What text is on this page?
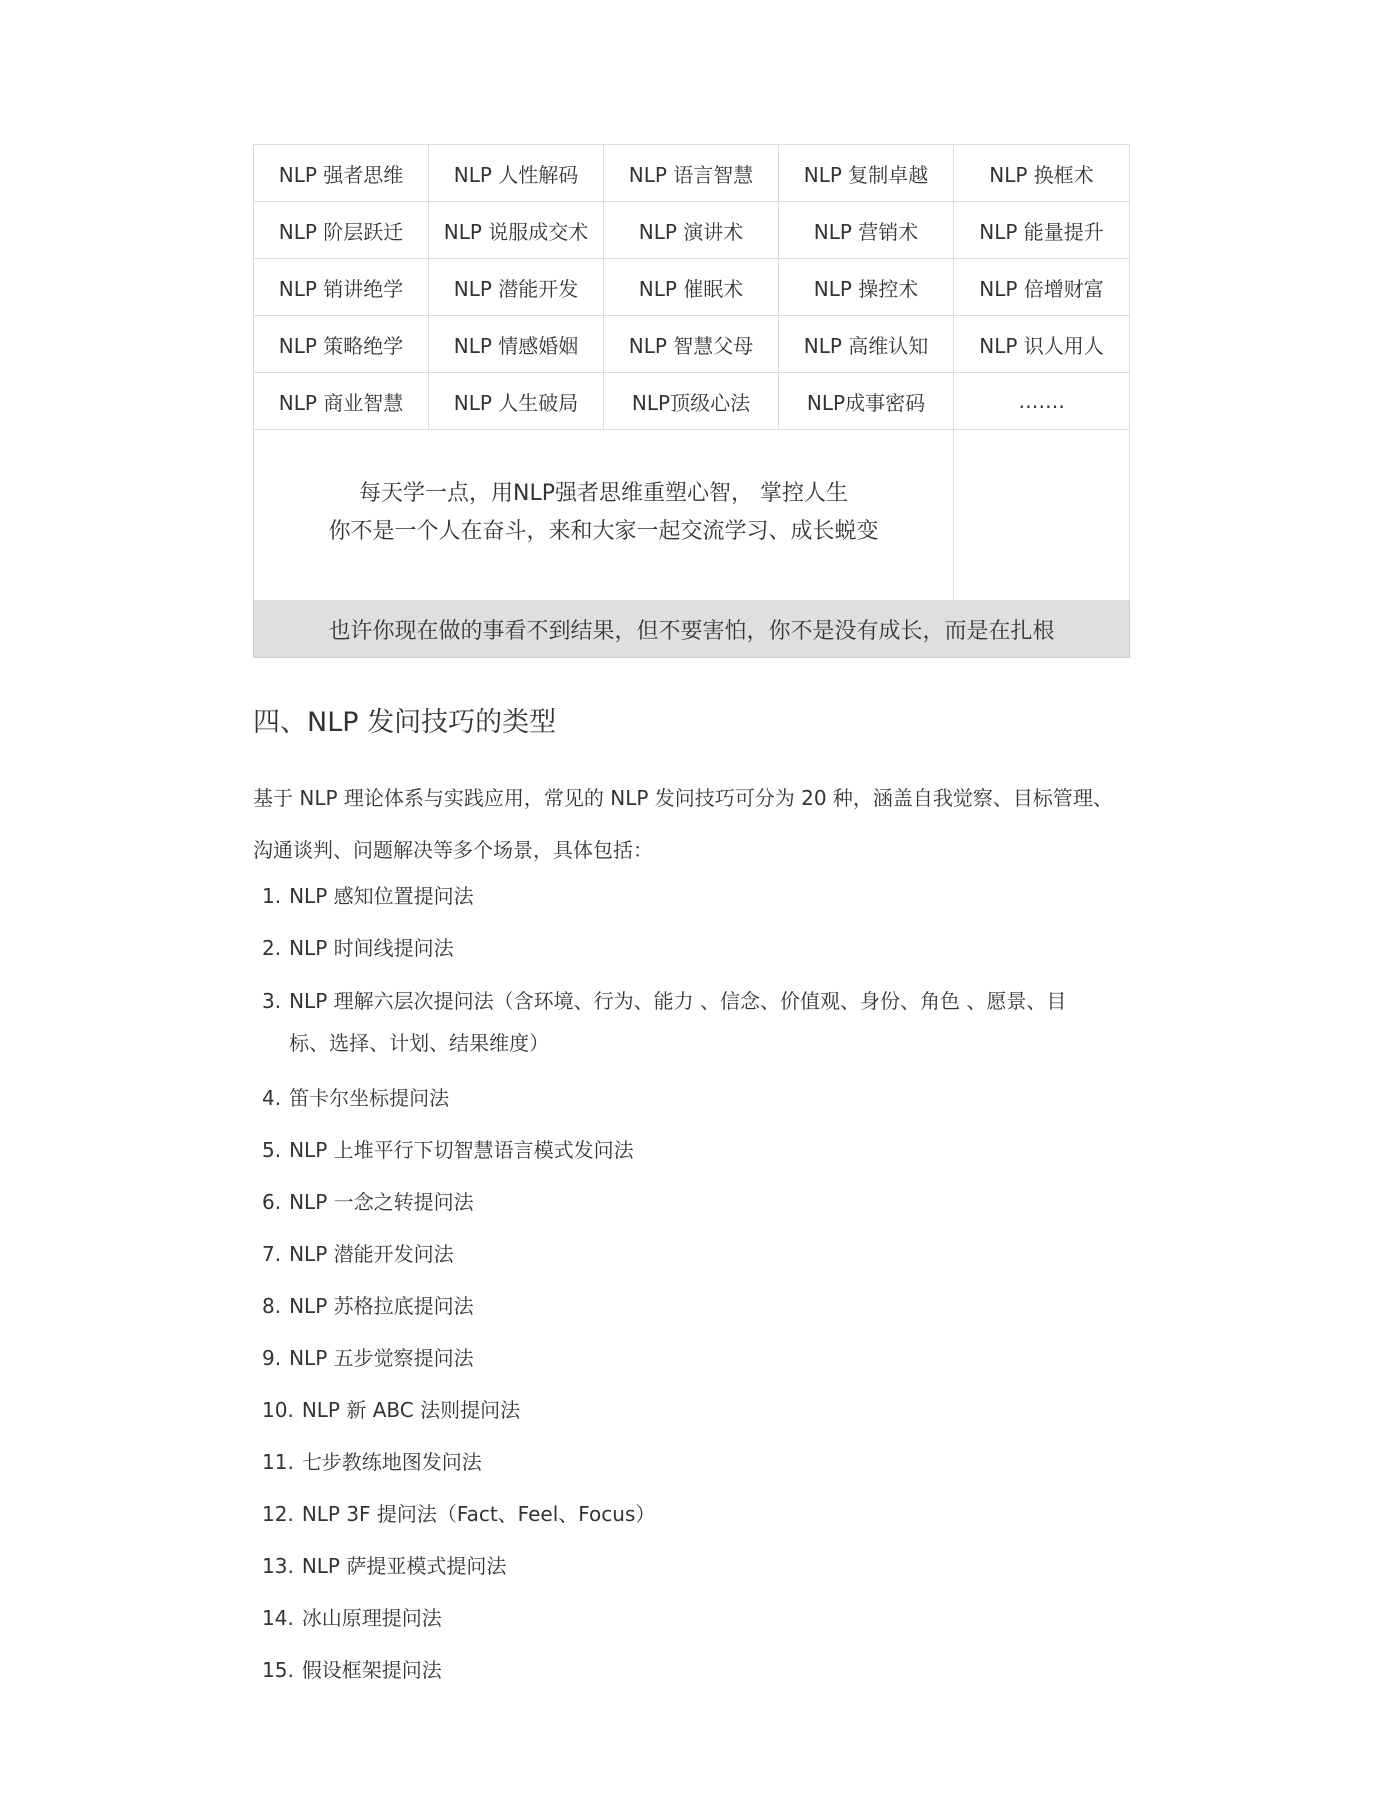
NLP 强者思维	NLP 人性解码	NLP 语言智慧	NLP 复制卓越	NLP 换框术
NLP 阶层跃迁	NLP 说服成交术	NLP 演讲术	NLP 营销术	NLP 能量提升
NLP 销讲绝学	NLP 潜能开发	NLP 催眠术	NLP 操控术	NLP 倍增财富
NLP 策略绝学	NLP 情感婚姻	NLP 智慧父母	NLP 高维认知	NLP 识人用人
NLP 商业智慧	NLP 人生破局	NLP顶级心法	NLP成事密码	…….

每天学一点，用NLP强者思维重塑心智， 掌控人生
你不是一个人在奋斗，来和大家一起交流学习、成长蜕变				

也许你现在做的事看不到结果，但不要害怕，你不是没有成长，而是在扎根				
四、NLP 发问技巧的类型

基于 NLP 理论体系与实践应用，常见的 NLP 发问技巧可分为 20 种，涵盖自我觉察、目标管理、沟通谈判、问题解决等多个场景，具体包括：

1. NLP 感知位置提问法
2. NLP 时间线提问法
3. NLP 理解六层次提问法（含环境、行为、能力 、信念、价值观、身份、角色 、愿景、目标、选择、计划、结果维度）
4. 笛卡尔坐标提问法
5. NLP 上堆平行下切智慧语言模式发问法
6. NLP 一念之转提问法
7. NLP 潜能开发问法
8. NLP 苏格拉底提问法
9. NLP 五步觉察提问法
10. NLP 新 ABC 法则提问法
11. 七步教练地图发问法
12. NLP 3F 提问法（Fact、Feel、Focus）
13. NLP 萨提亚模式提问法
14. 冰山原理提问法
15. 假设框架提问法
